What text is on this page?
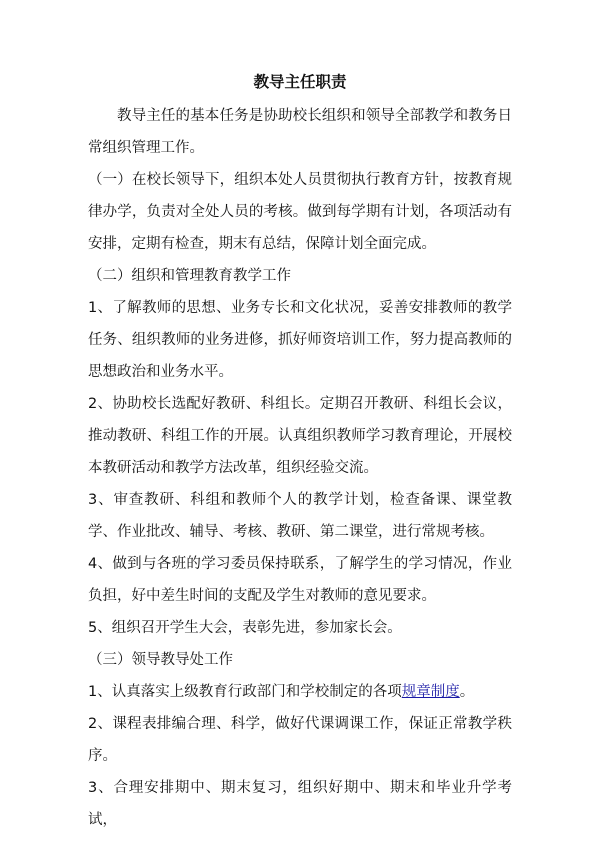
教导主任职责

教导主任的基本任务是协助校长组织和领导全部教学和教务日常组织管理工作。

（一）在校长领导下，组织本处人员贯彻执行教育方针，按教育规律办学，负责对全处人员的考核。做到每学期有计划，各项活动有安排，定期有检查，期末有总结，保障计划全面完成。

（二）组织和管理教育教学工作

1、了解教师的思想、业务专长和文化状况，妥善安排教师的教学任务、组织教师的业务进修，抓好师资培训工作，努力提高教师的思想政治和业务水平。

2、协助校长选配好教研、科组长。定期召开教研、科组长会议，推动教研、科组工作的开展。认真组织教师学习教育理论，开展校本教研活动和教学方法改革，组织经验交流。

3、审查教研、科组和教师个人的教学计划，检查备课、课堂教学、作业批改、辅导、考核、教研、第二课堂，进行常规考核。

4、做到与各班的学习委员保持联系，了解学生的学习情况，作业负担，好中差生时间的支配及学生对教师的意见要求。

5、组织召开学生大会，表彰先进，参加家长会。

（三）领导教导处工作

1、认真落实上级教育行政部门和学校制定的各项规章制度。

2、课程表排编合理、科学，做好代课调课工作，保证正常教学秩序。

3、合理安排期中、期末复习，组织好期中、期末和毕业升学考试，
